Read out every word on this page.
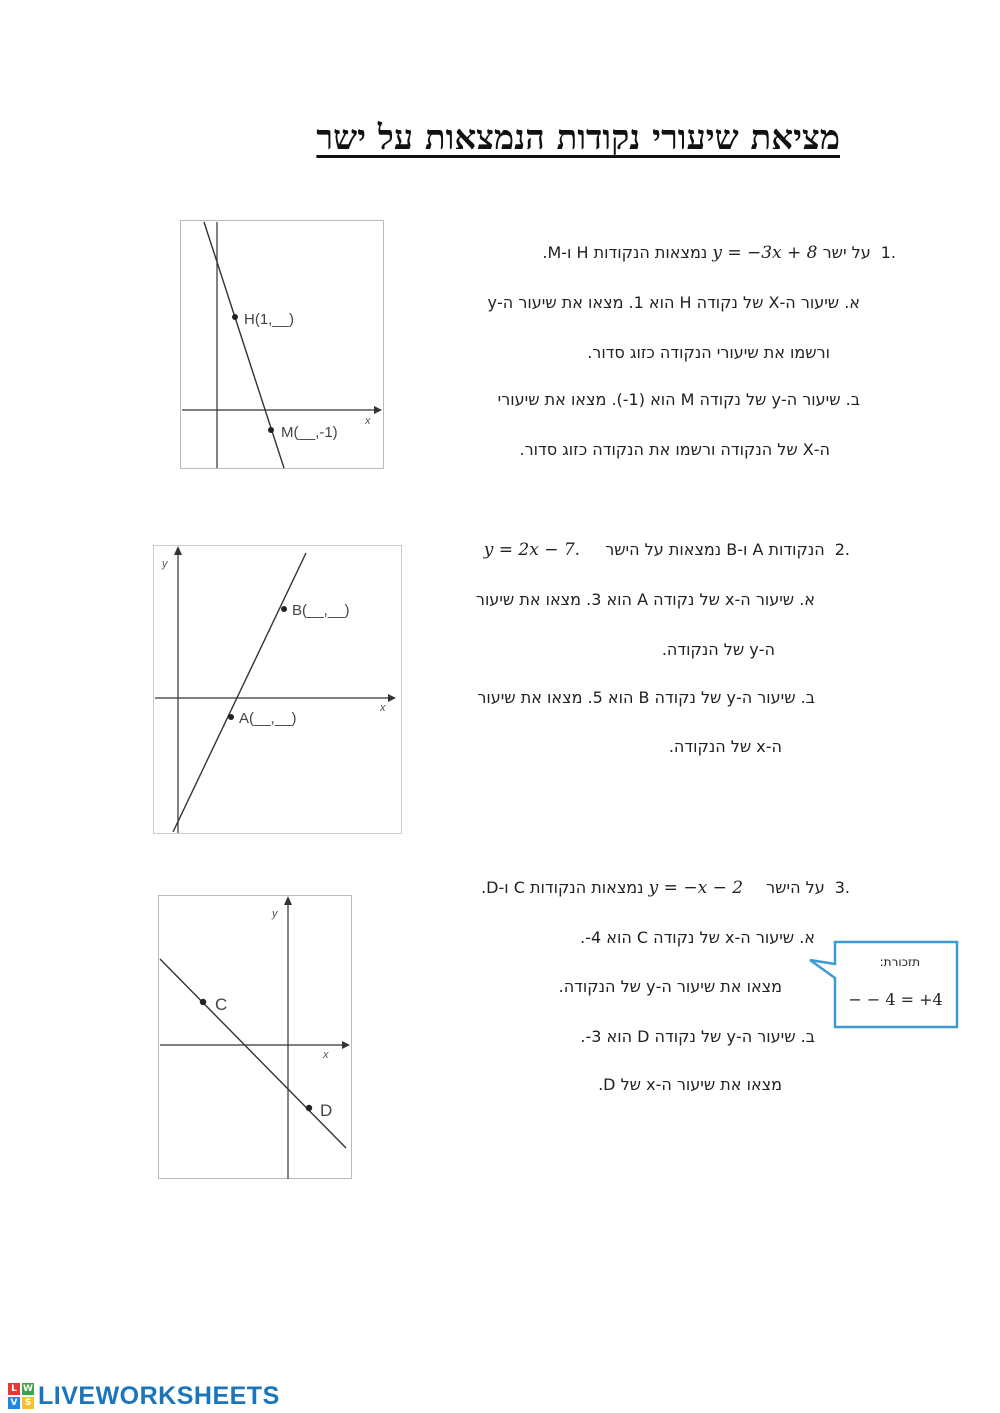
מציאת שיעורי נקודות הנמצאות על ישר
H(1,__)
M(__,-1)
x
.1על ישר y = −3x + 8 נמצאות הנקודות H ו-M.
א. שיעור ה-X של נקודה H הוא 1. מצאו את שיעור ה-y
ורשמו את שיעורי הנקודה כזוג סדור.
ב. שיעור ה-y של נקודה M הוא (1-). מצאו את שיעורי
ה-X של הנקודה ורשמו את הנקודה כזוג סדור.
B(__,__)
A(__,__)
y
x
.2הנקודות A ו-B נמצאות על הישר y = 2x − 7.
א. שיעור ה-x של נקודה A הוא 3. מצאו את שיעור
ה-y של הנקודה.
ב. שיעור ה-y של נקודה B הוא 5. מצאו את שיעור
ה-x של הנקודה.
C
D
y
x
.3על הישר y = −x − 2 נמצאות הנקודות C ו-D.
א. שיעור ה-x של נקודה C הוא 4-.
מצאו את שיעור ה-y של הנקודה.
ב. שיעור ה-y של נקודה D הוא 3-.
מצאו את שיעור ה-x של D.
תזכורת:
− − 4 = +4
L W
V S LIVEWORKSHEETS
